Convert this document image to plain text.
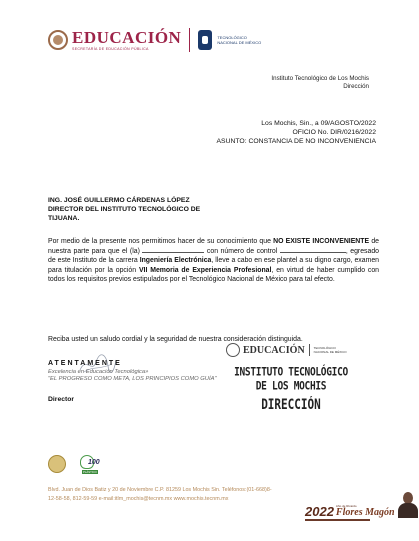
EDUCACIÓN
SECRETARÍA DE EDUCACIÓN PÚBLICA
TECNOLÓGICO
NACIONAL DE MÉXICO
Instituto Tecnológico de Los Mochis
Dirección
Los Mochis, Sin., a 09/AGOSTO/2022
OFICIO No. DIR/0216/2022
ASUNTO: CONSTANCIA DE NO INCONVENIENCIA
ING. JOSÉ GUILLERMO CÁRDENAS LÓPEZ
DIRECTOR DEL INSTITUTO TECNOLÓGICO DE
TIJUANA.
Por medio de la presente nos permitimos hacer de su conocimiento que NO EXISTE INCONVENIENTE de nuestra parte para que el (la)	con número de control	, egresado de este Instituto de la carrera Ingeniería Electrónica, lleve a cabo en ese plantel a su digno cargo, examen para titulación por la opción VII Memoria de Experiencia Profesional, en virtud de haber cumplido con todos los requisitos previos estipulados por el Tecnológico Nacional de México para tal efecto.
Reciba usted un saludo cordial y la seguridad de nuestra consideración distinguida.
ATENTAMENTE
Excelencia en Educación Tecnológica»
"EL PROGRESO COMO META, LOS PRINCIPIOS COMO GUÍA"
Director
EDUCACIÓN	TECNOLÓGICO
NACIONAL DE MÉXICO
INSTITUTO TECNOLÓGICO
DE LOS MOCHIS
DIRECCIÓN
100
PLÁSTICO
Blvd. Juan de Dios Batiz y 20 de Noviembre C.P. 81259 Los Mochis Sin. Teléfonos:(01-668)8-
12-58-58, 812-59-59 e-mail:itlm_mochis@tecnm.mx www.mochis.tecnm.mx
2022 Año de Ricardo
Flores Magón
